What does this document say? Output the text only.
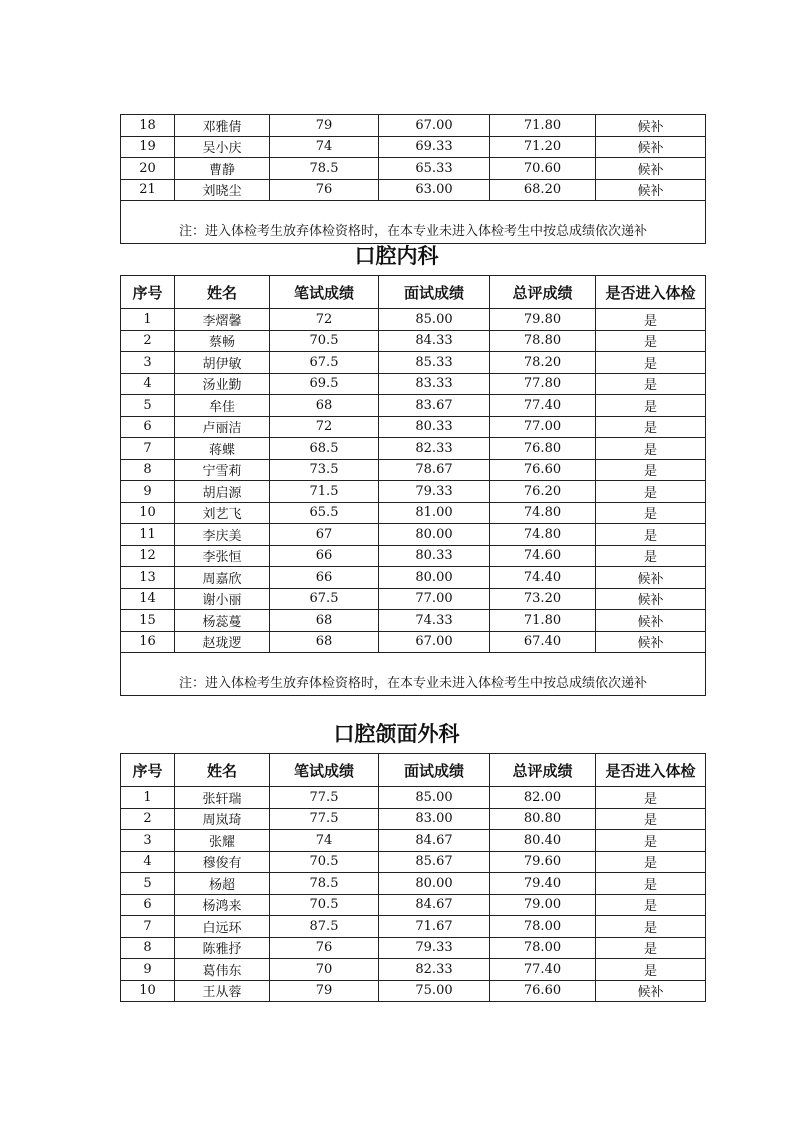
18	邓雅倩	79	67.00	71.80	候补
19	吴小庆	74	69.33	71.20	候补
20	曹静	78.5	65.33	70.60	候补
21	刘晓尘	76	63.00	68.20	候补
注：进入体检考生放弃体检资格时，在本专业未进入体检考生中按总成绩依次递补					
口腔内科
序号	姓名	笔试成绩	面试成绩	总评成绩	是否进入体检
1	李熠馨	72	85.00	79.80	是
2	蔡畅	70.5	84.33	78.80	是
3	胡伊敏	67.5	85.33	78.20	是
4	汤业勤	69.5	83.33	77.80	是
5	牟佳	68	83.67	77.40	是
6	卢丽洁	72	80.33	77.00	是
7	蒋蝶	68.5	82.33	76.80	是
8	宁雪莉	73.5	78.67	76.60	是
9	胡启源	71.5	79.33	76.20	是
10	刘艺飞	65.5	81.00	74.80	是
11	李庆美	67	80.00	74.80	是
12	李张恒	66	80.33	74.60	是
13	周嘉欣	66	80.00	74.40	候补
14	谢小丽	67.5	77.00	73.20	候补
15	杨蕊蔓	68	74.33	71.80	候补
16	赵珑逻	68	67.00	67.40	候补
注：进入体检考生放弃体检资格时，在本专业未进入体检考生中按总成绩依次递补					
口腔颌面外科
序号	姓名	笔试成绩	面试成绩	总评成绩	是否进入体检
1	张轩瑞	77.5	85.00	82.00	是
2	周岚琦	77.5	83.00	80.80	是
3	张耀	74	84.67	80.40	是
4	穆俊有	70.5	85.67	79.60	是
5	杨超	78.5	80.00	79.40	是
6	杨鸿来	70.5	84.67	79.00	是
7	白远环	87.5	71.67	78.00	是
8	陈雅抒	76	79.33	78.00	是
9	葛伟东	70	82.33	77.40	是
10	王从蓉	79	75.00	76.60	候补
